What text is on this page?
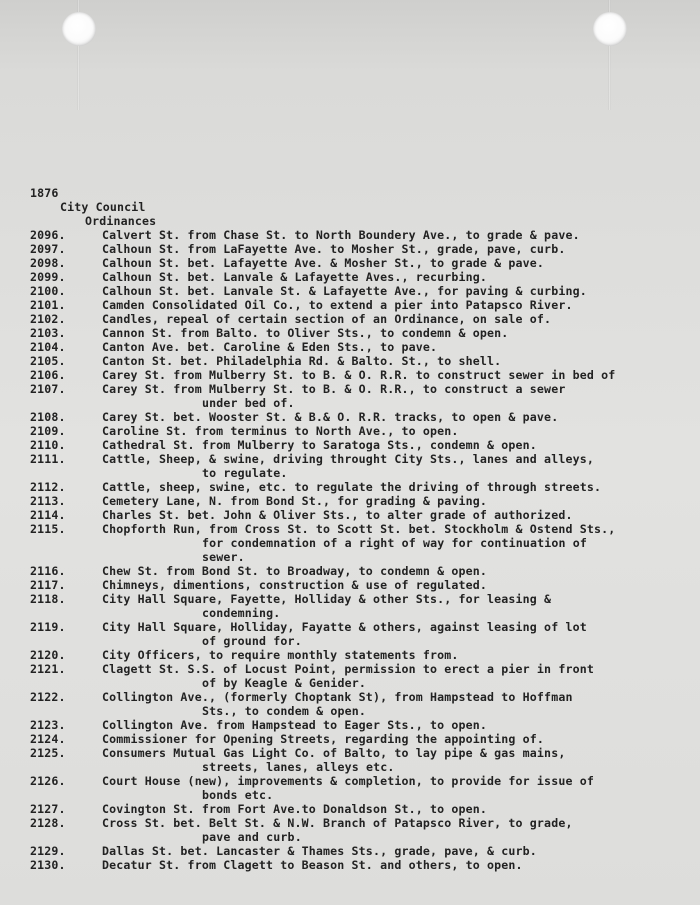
1876
City Council
Ordinances
2096.	Calvert St. from Chase St. to North Boundery Ave., to grade & pave.
2097.	Calhoun St. from LaFayette Ave. to Mosher St., grade, pave, curb.
2098.	Calhoun St. bet. Lafayette Ave. & Mosher St., to grade & pave.
2099.	Calhoun St. bet. Lanvale & Lafayette Aves., recurbing.
2100.	Calhoun St. bet. Lanvale St. & Lafayette Ave., for paving & curbing.
2101.	Camden Consolidated Oil Co., to extend a pier into Patapsco River.
2102.	Candles, repeal of certain section of an Ordinance, on sale of.
2103.	Cannon St. from Balto. to Oliver Sts., to condemn & open.
2104.	Canton Ave. bet. Caroline & Eden Sts., to pave.
2105.	Canton St. bet. Philadelphia Rd. & Balto. St., to shell.
2106.	Carey St. from Mulberry St. to B. & O. R.R. to construct sewer in bed of
2107.	Carey St. from Mulberry St. to B. & O. R.R., to construct a sewer
under bed of.
2108.	Carey St. bet. Wooster St. & B.& O. R.R. tracks, to open & pave.
2109.	Caroline St. from terminus to North Ave., to open.
2110.	Cathedral St. from Mulberry to Saratoga Sts., condemn & open.
2111.	Cattle, Sheep, & swine, driving throught City Sts., lanes and alleys,
to regulate.
2112.	Cattle, sheep, swine, etc. to regulate the driving of through streets.
2113.	Cemetery Lane, N. from Bond St., for grading & paving.
2114.	Charles St. bet. John & Oliver Sts., to alter grade of authorized.
2115.	Chopforth Run, from Cross St. to Scott St. bet. Stockholm & Ostend Sts.,
for condemnation of a right of way for continuation of
sewer.
2116.	Chew St. from Bond St. to Broadway, to condemn & open.
2117.	Chimneys, dimentions, construction & use of regulated.
2118.	City Hall Square, Fayette, Holliday & other Sts., for leasing &
condemning.
2119.	City Hall Square, Holliday, Fayatte & others, against leasing of lot
of ground for.
2120.	City Officers, to require monthly statements from.
2121.	Clagett St. S.S. of Locust Point, permission to erect a pier in front
of by Keagle & Genider.
2122.	Collington Ave., (formerly Choptank St), from Hampstead to Hoffman
Sts., to condem & open.
2123.	Collington Ave. from Hampstead to Eager Sts., to open.
2124.	Commissioner for Opening Streets, regarding the appointing of.
2125.	Consumers Mutual Gas Light Co. of Balto, to lay pipe & gas mains,
streets, lanes, alleys etc.
2126.	Court House (new), improvements & completion, to provide for issue of
bonds etc.
2127.	Covington St. from Fort Ave.to Donaldson St., to open.
2128.	Cross St. bet. Belt St. & N.W. Branch of Patapsco River, to grade,
pave and curb.
2129.	Dallas St. bet. Lancaster & Thames Sts., grade, pave, & curb.
2130.	Decatur St. from Clagett to Beason St. and others, to open.
